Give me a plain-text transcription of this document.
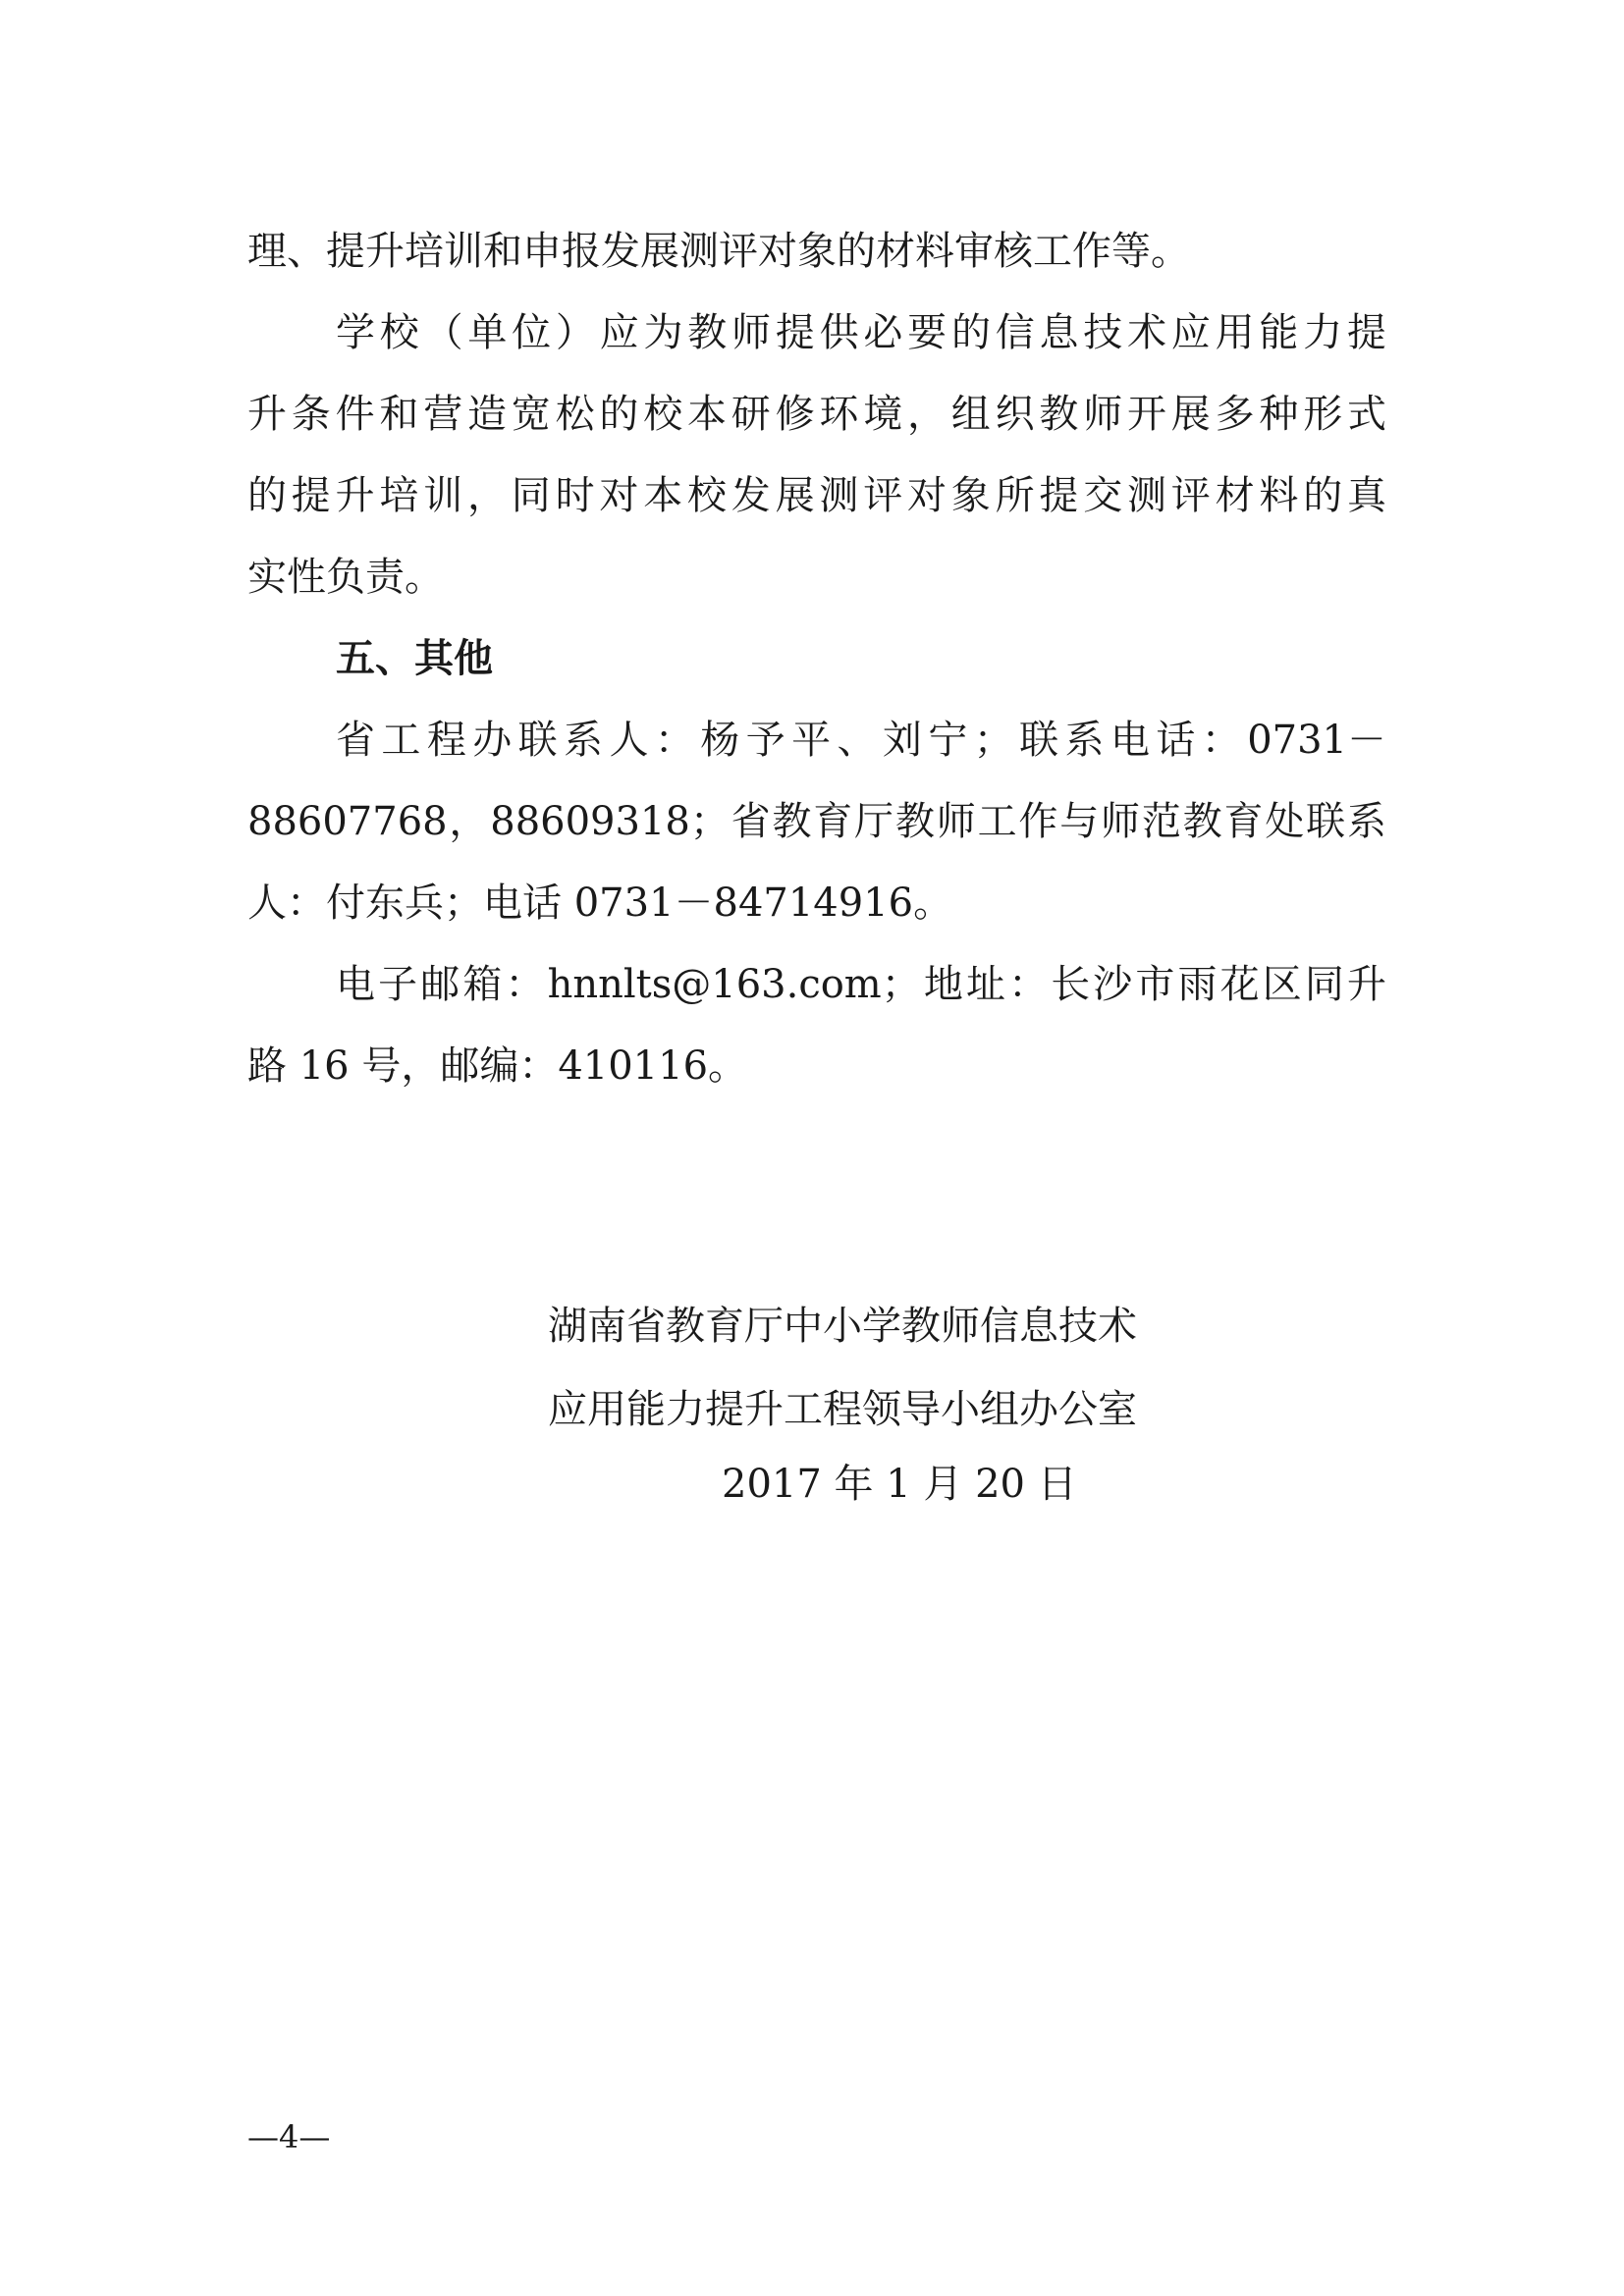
理、提升培训和申报发展测评对象的材料审核工作等。
学校（单位）应为教师提供必要的信息技术应用能力提
升条件和营造宽松的校本研修环境，组织教师开展多种形式
的提升培训，同时对本校发展测评对象所提交测评材料的真
实性负责。
五、其他
省工程办联系人：杨予平、刘宁；联系电话：0731－
88607768，88609318；省教育厅教师工作与师范教育处联系
人：付东兵；电话 0731－84714916。
电子邮箱：hnnlts@163.com；地址：长沙市雨花区同升
路 16 号，邮编：410116。
湖南省教育厅中小学教师信息技术
应用能力提升工程领导小组办公室
2017 年 1 月 20 日
—4—
